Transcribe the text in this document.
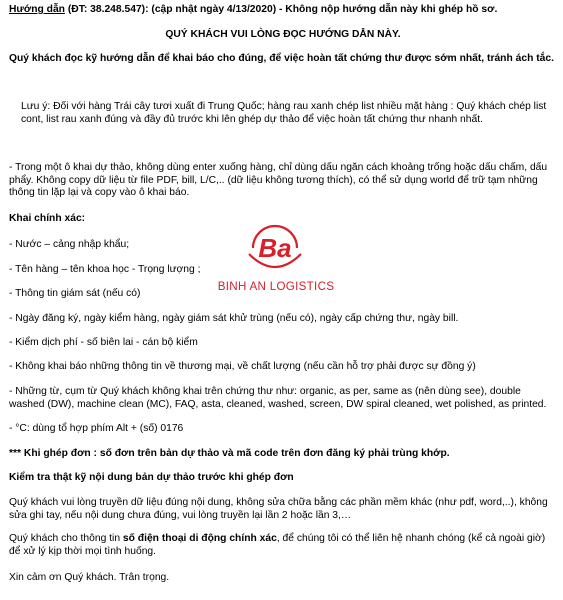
Hướng dẫn (ĐT: 38.248.547): (cập nhật ngày 4/13/2020) - Không nộp hướng dẫn này khi ghép hồ sơ.

QUÝ KHÁCH VUI LÒNG ĐỌC HƯỚNG DẪN NÀY.

Quý khách đọc kỹ hướng dẫn để khai báo cho đúng, để việc hoàn tất chứng thư được sớm nhất, tránh ách tắc.

Lưu ý: Đối với hàng Trái cây tươi xuất đi Trung Quốc; hàng rau xanh chép list nhiều mặt hàng : Quý khách chép list cont, list rau xanh đúng và đầy đủ trước khi lên ghép dự thảo để việc hoàn tất chứng thư nhanh nhất.

- Trong một ô khai dự thảo, không dùng enter xuống hàng, chỉ dùng dấu ngăn cách khoảng trống hoặc dấu chấm, dấu phẩy. Không copy dữ liệu từ file PDF, bill, L/C,.. (dữ liệu không tương thích), có thể sử dụng world để trữ tạm những thông tin lặp lại và copy vào ô khai báo.

Khai chính xác:

- Nước – cảng nhập khẩu;

- Tên hàng – tên khoa học - Trọng lượng ;

- Thông tin giám sát (nếu có)

- Ngày đăng ký, ngày kiểm hàng, ngày giám sát khử trùng (nếu có), ngày cấp chứng thư, ngày bill.

- Kiểm dịch phí - số biên lai - cán bộ kiểm

- Không khai báo những thông tin về thương mại, về chất lượng (nếu cần hỗ trợ phải được sự đồng ý)

- Những từ, cụm từ Quý khách không khai trên chứng thư như: organic, as per, same as (nên dùng see), double washed (DW), machine clean (MC), FAQ, asta, cleaned, washed, screen, DW spiral cleaned, wet polished, as printed.

- °C: dùng tổ hợp phím Alt + (số) 0176

*** Khi ghép đơn : số đơn trên bản dự thảo và mã code trên đơn đăng ký phải trùng khớp.

Kiểm tra thật kỹ nội dung bản dự thảo trước khi ghép đơn

Quý khách vui lòng truyền dữ liệu đúng nội dung, không sửa chữa bằng các phần mềm khác (như pdf, word,..), không sửa ghi tay, nếu nội dung chưa đúng, vui lòng truyền lại lần 2 hoặc lần 3,…

Quý khách cho thông tin số điện thoại di động chính xác, để chúng tôi có thể liên hệ nhanh chóng (kể cả ngoài giờ) để xử lý kịp thời mọi tình huống.

Xin cảm ơn Quý khách. Trân trọng.

Ba
BINH AN LOGISTICS
